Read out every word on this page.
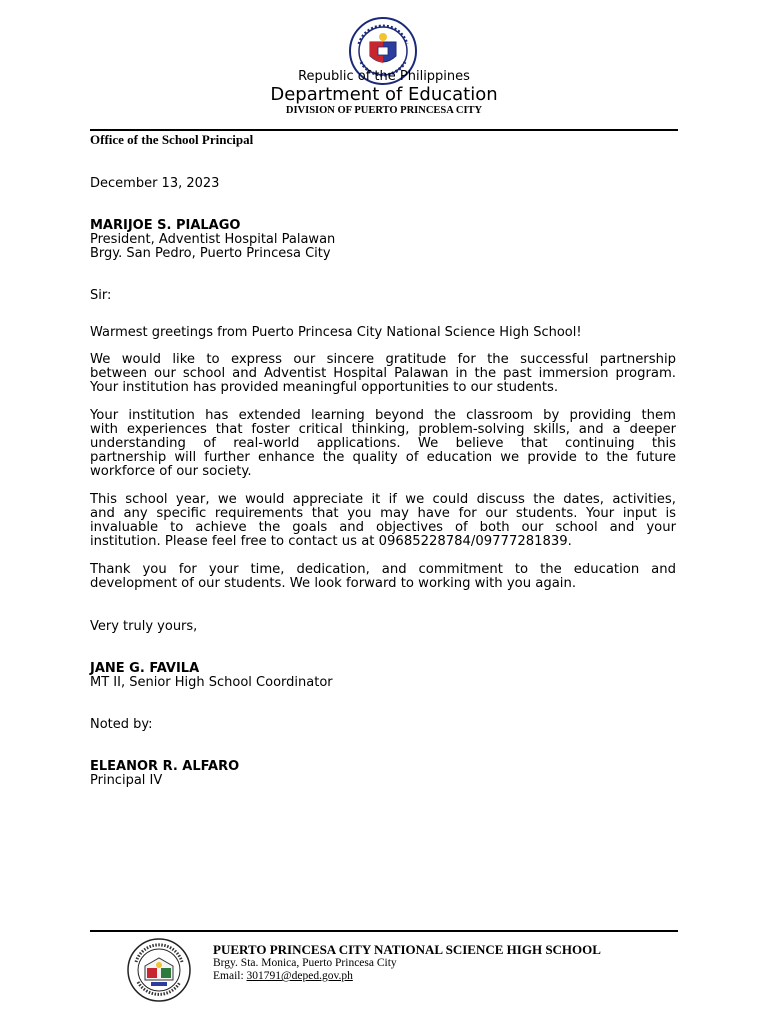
Republic of the Philippines
Department of Education
DIVISION OF PUERTO PRINCESA CITY
Office of the School Principal
December 13, 2023
MARIJOE S. PIALAGO
President, Adventist Hospital Palawan
Brgy. San Pedro, Puerto Princesa City
Sir:
Warmest greetings from Puerto Princesa City National Science High School!
We would like to express our sincere gratitude for the successful partnership
between our school and Adventist Hospital Palawan in the past immersion program.
Your institution has provided meaningful opportunities to our students.
Your institution has extended learning beyond the classroom by providing them
with experiences that foster critical thinking, problem-solving skills, and a deeper
understanding of real-world applications. We believe that continuing this
partnership will further enhance the quality of education we provide to the future
workforce of our society.
This school year, we would appreciate it if we could discuss the dates, activities,
and any specific requirements that you may have for our students. Your input is
invaluable to achieve the goals and objectives of both our school and your
institution. Please feel free to contact us at 09685228784/09777281839.
Thank you for your time, dedication, and commitment to the education and
development of our students. We look forward to working with you again.
Very truly yours,
JANE G. FAVILA
MT II, Senior High School Coordinator
Noted by:
ELEANOR R. ALFARO
Principal IV
PUERTO PRINCESA CITY NATIONAL SCIENCE HIGH SCHOOL
Brgy. Sta. Monica, Puerto Princesa City
Email: 301791@deped.gov.ph
